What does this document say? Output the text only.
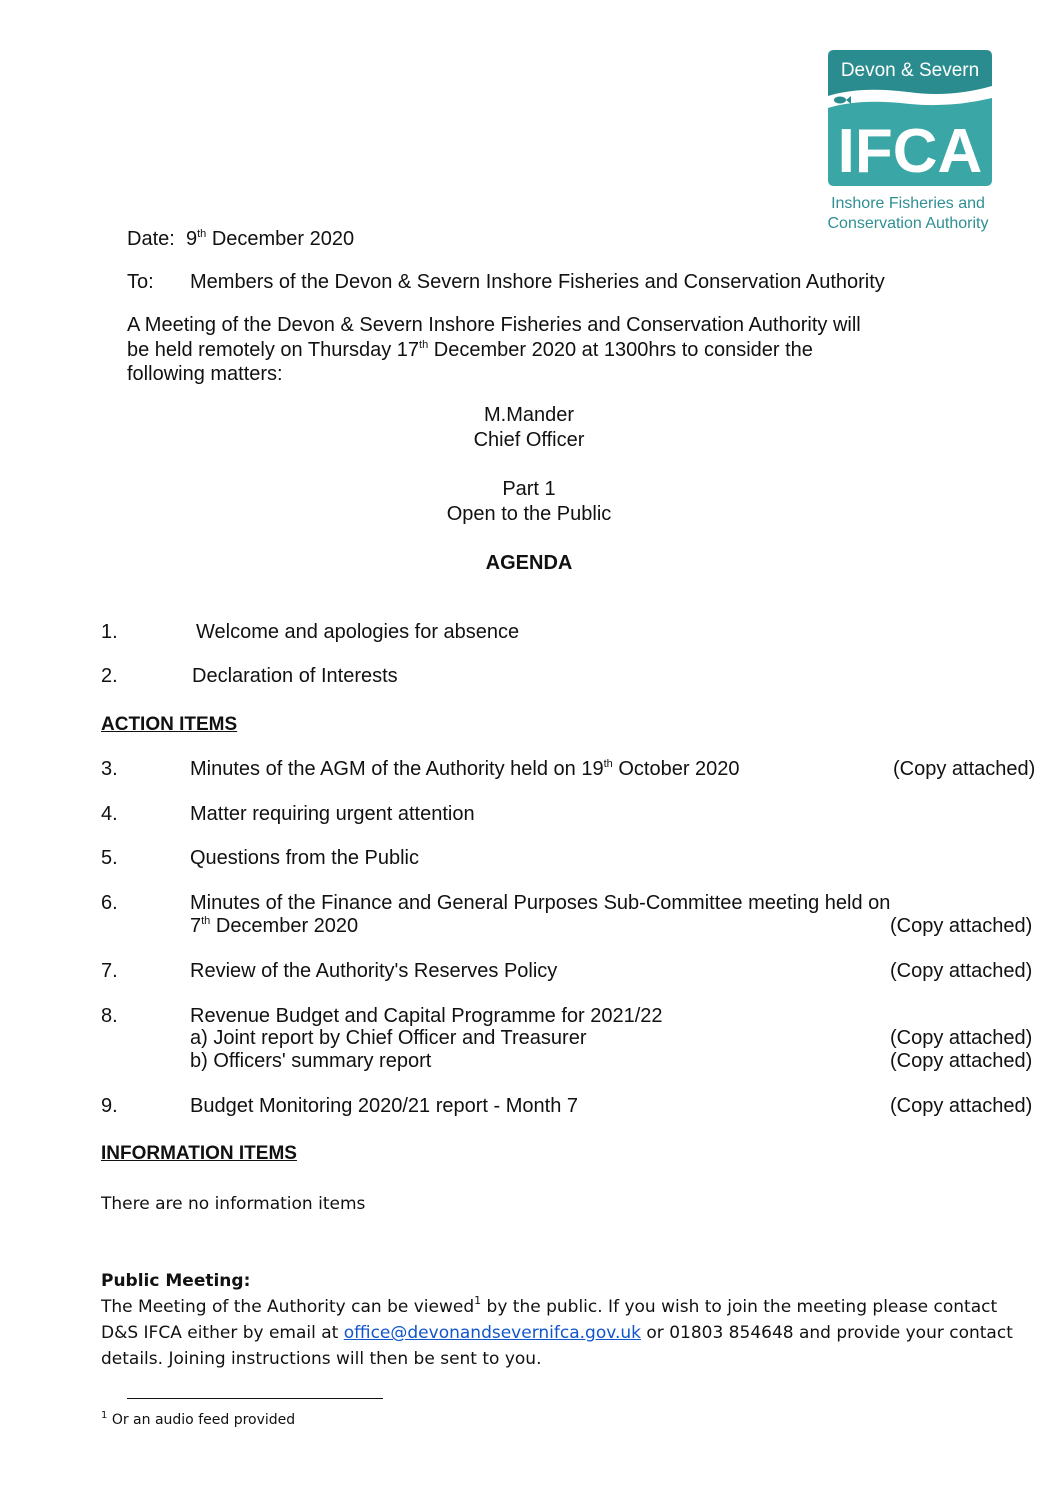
Devon & Severn
IFCA
Inshore Fisheries and
Conservation Authority
Date: 9th December 2020
To: Members of the Devon & Severn Inshore Fisheries and Conservation Authority
A Meeting of the Devon & Severn Inshore Fisheries and Conservation Authority will
be held remotely on Thursday 17th December 2020 at 1300hrs to consider the
following matters:
M.Mander
Chief Officer
Part 1
Open to the Public
AGENDA
1.	Welcome and apologies for absence
2.	Declaration of Interests
ACTION ITEMS
3.	Minutes of the AGM of the Authority held on 19th October 2020	(Copy attached)
4.	Matter requiring urgent attention
5.	Questions from the Public
6.	Minutes of the Finance and General Purposes Sub-Committee meeting held on
7th December 2020	(Copy attached)
7.	Review of the Authority's Reserves Policy	(Copy attached)
8.	Revenue Budget and Capital Programme for 2021/22
a) Joint report by Chief Officer and Treasurer	(Copy attached)
b) Officers' summary report	(Copy attached)
9.	Budget Monitoring 2020/21 report - Month 7	(Copy attached)
INFORMATION ITEMS
There are no information items
Public Meeting:
The Meeting of the Authority can be viewed$^1$ by the public. If you wish to join the meeting please contact
D&S IFCA either by email at office@devonandsevernifca.gov.uk or 01803 854648 and provide your contact
details. Joining instructions will then be sent to you.
$^1$ Or an audio feed provided
